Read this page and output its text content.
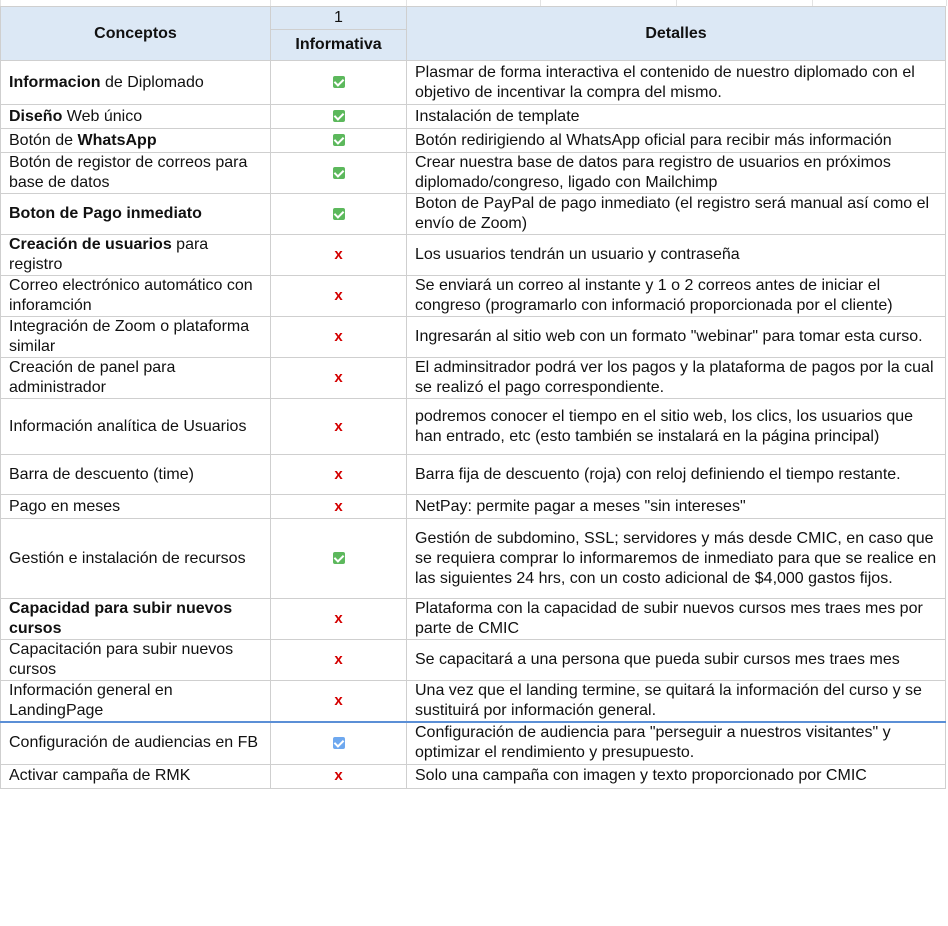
Conceptos	1	Detalles
	Informativa	
Informacion de Diplomado		Plasmar de forma interactiva el contenido de nuestro diplomado con el objetivo de incentivar la compra del mismo.
Diseño Web único		Instalación de template
Botón de WhatsApp		Botón redirigiendo al WhatsApp oficial para recibir más información
Botón de registor de correos para base de datos		Crear nuestra base de datos para registro de usuarios en próximos diplomado/congreso, ligado con Mailchimp
Boton de Pago inmediato		Boton de PayPal de pago inmediato (el registro será manual así como el envío de Zoom)
Creación de usuarios para registro	x	Los usuarios tendrán un usuario y contraseña
Correo electrónico automático con inforamción	x	Se enviará un correo al instante y 1 o 2 correos antes de iniciar el congreso (programarlo con informació proporcionada por el cliente)
Integración de Zoom o plataforma similar	x	Ingresarán al sitio web con un formato "webinar" para tomar esta curso.
Creación de panel para administrador	x	El adminsitrador podrá ver los pagos y la plataforma de pagos por la cual se realizó el pago correspondiente.
Información analítica de Usuarios	x	podremos conocer el tiempo en el sitio web, los clics, los usuarios que han entrado, etc (esto también se instalará en la página principal)
Barra de descuento (time)	x	Barra fija de descuento (roja) con reloj definiendo el tiempo restante.
Pago en meses	x	NetPay: permite pagar a meses "sin intereses"
Gestión e instalación de recursos		Gestión de subdomino, SSL; servidores y más desde CMIC, en caso que se requiera comprar lo informaremos de inmediato para que se realice en las siguientes 24 hrs, con un costo adicional de $4,000 gastos fijos.
Capacidad para subir nuevos cursos	x	Plataforma con la capacidad de subir nuevos cursos mes traes mes por parte de CMIC
Capacitación para subir nuevos cursos	x	Se capacitará a una persona que pueda subir cursos mes traes mes
Información general en LandingPage	x	Una vez que el landing termine, se quitará la información del curso y se sustituirá por información general.
Configuración de audiencias en FB		Configuración de audiencia para "perseguir a nuestros visitantes" y optimizar el rendimiento y presupuesto.
Activar campaña de RMK	x	Solo una campaña con imagen y texto proporcionado por CMIC
